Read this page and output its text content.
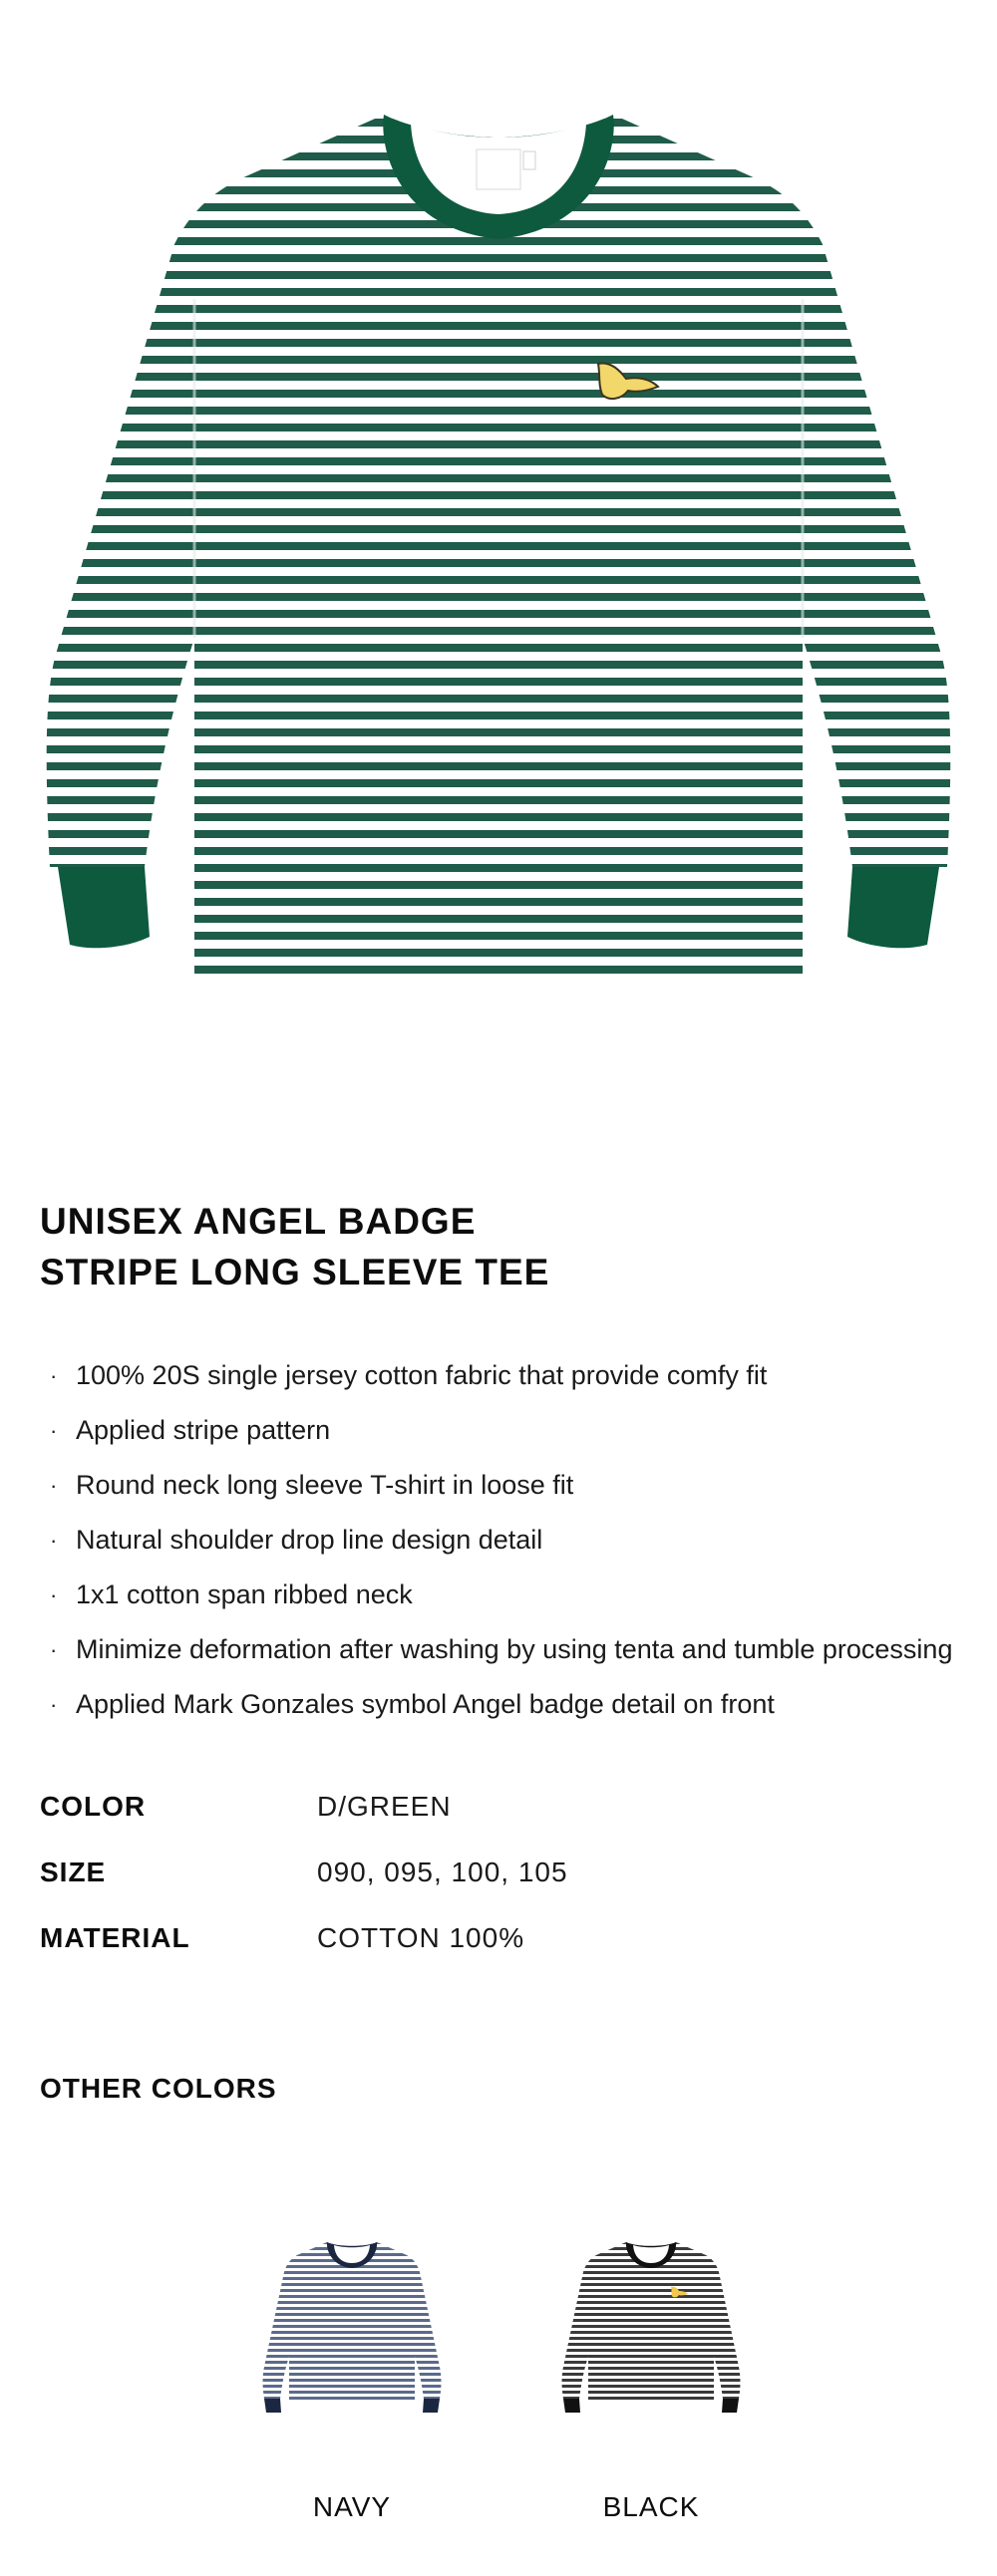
UNISEX ANGEL BADGE
STRIPE LONG SLEEVE TEE
· 100% 20S single jersey cotton fabric that provide comfy fit
· Applied stripe pattern
· Round neck long sleeve T-shirt in loose fit
· Natural shoulder drop line design detail
· 1x1 cotton span ribbed neck
· Minimize deformation after washing by using tenta and tumble processing
· Applied Mark Gonzales symbol Angel badge detail on front
COLOR	D/GREEN
SIZE	090, 095, 100, 105
MATERIAL	COTTON 100%
OTHER COLORS
NAVY	BLACK
